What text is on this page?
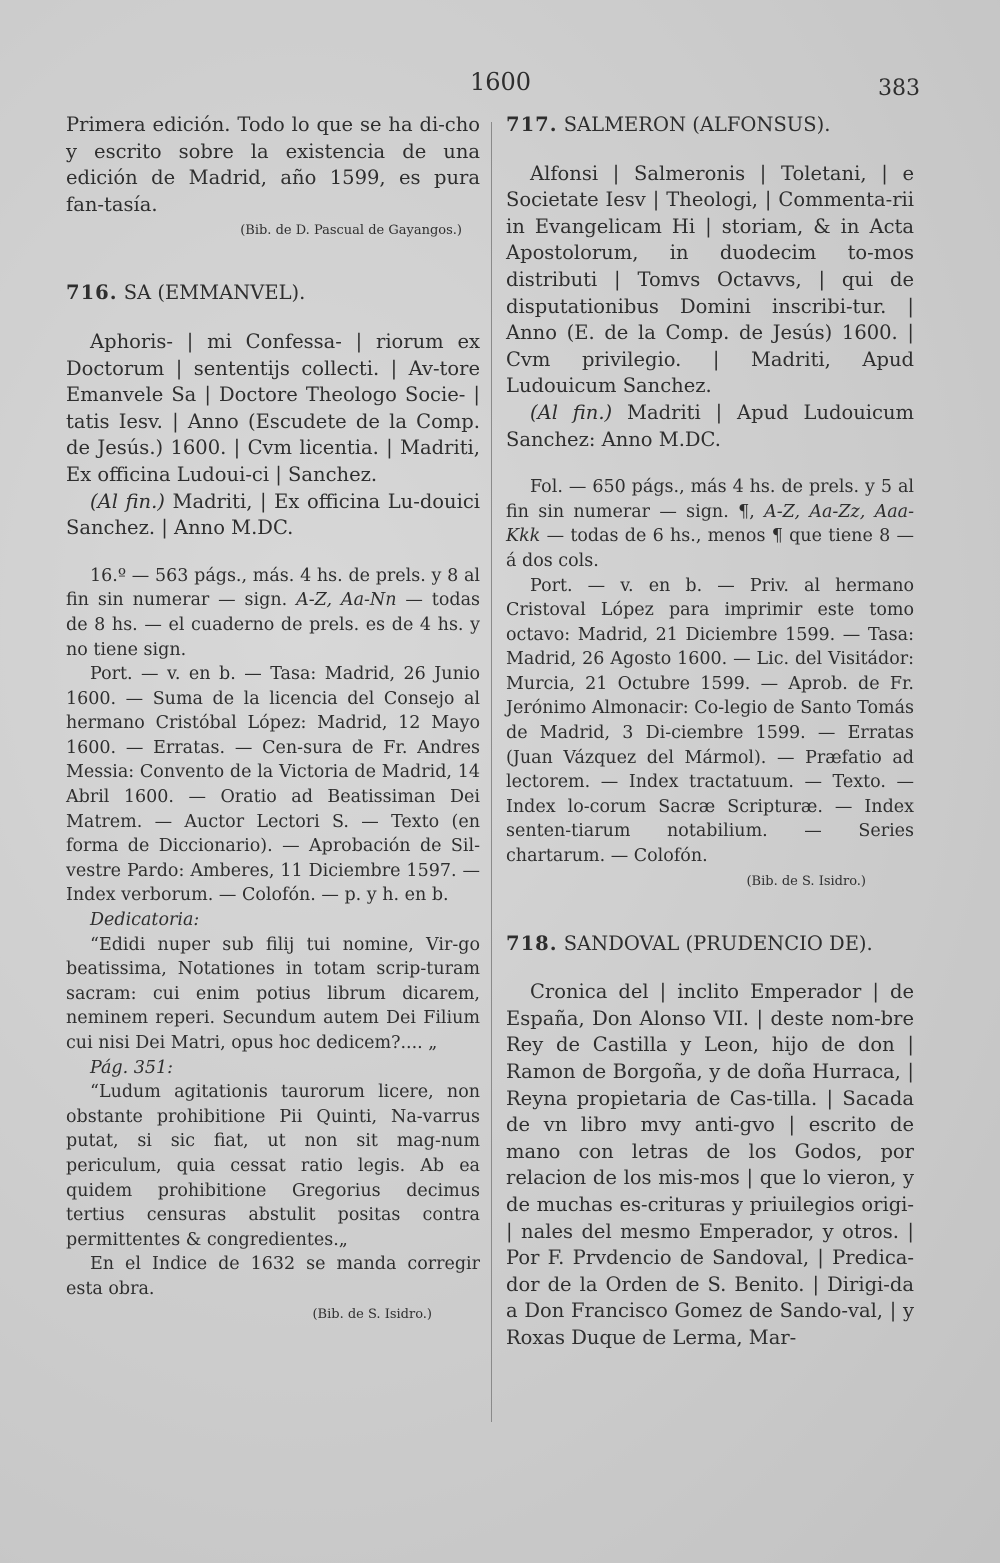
1600	383

Primera edición. Todo lo que se ha di-cho y escrito sobre la existencia de una edición de Madrid, año 1599, es pura fan-tasía.

(Bib. de D. Pascual de Gayangos.)

716. SA (EMMANVEL).

Aphoris- | mi Confessa- | riorum ex Doctorum | sententijs collecti. | Av-tore Emanvele Sa | Doctore Theologo Socie- | tatis Iesv. | Anno (Escudete de la Comp. de Jesús.) 1600. | Cvm licentia. | Madriti, Ex officina Ludoui-ci | Sanchez.

(Al fin.) Madriti, | Ex officina Lu-douici Sanchez. | Anno M.DC.

16.º — 563 págs., más. 4 hs. de prels. y 8 al fin sin numerar — sign. A-Z, Aa-Nn — todas de 8 hs. — el cuaderno de prels. es de 4 hs. y no tiene sign.

Port. — v. en b. — Tasa: Madrid, 26 Junio 1600. — Suma de la licencia del Consejo al hermano Cristóbal López: Madrid, 12 Mayo 1600. — Erratas. — Cen-sura de Fr. Andres Messia: Convento de la Victoria de Madrid, 14 Abril 1600. — Oratio ad Beatissiman Dei Matrem. — Auctor Lectori S. — Texto (en forma de Diccionario). — Aprobación de Sil-vestre Pardo: Amberes, 11 Diciembre 1597. — Index verborum. — Colofón. — p. y h. en b.

Dedicatoria:

“Edidi nuper sub filij tui nomine, Vir-go beatissima, Notationes in totam scrip-turam sacram: cui enim potius librum dicarem, neminem reperi. Secundum autem Dei Filium cui nisi Dei Matri, opus hoc dedicem?.... „

Pág. 351:

“Ludum agitationis taurorum licere, non obstante prohibitione Pii Quinti, Na-varrus putat, si sic fiat, ut non sit mag-num periculum, quia cessat ratio legis. Ab ea quidem prohibitione Gregorius decimus tertius censuras abstulit positas contra permittentes & congredientes.„

En el Indice de 1632 se manda corregir esta obra.

(Bib. de S. Isidro.)

717. SALMERON (ALFONSUS).

Alfonsi | Salmeronis | Toletani, | e Societate Iesv | Theologi, | Commenta-rii in Evangelicam Hi | storiam, & in Acta Apostolorum, in duodecim to-mos distributi | Tomvs Octavvs, | qui de disputationibus Domini inscribi-tur. | Anno (E. de la Comp. de Jesús) 1600. | Cvm privilegio. | Madriti, Apud Ludouicum Sanchez.

(Al fin.) Madriti | Apud Ludouicum Sanchez: Anno M.DC.

Fol. — 650 págs., más 4 hs. de prels. y 5 al fin sin numerar — sign. ¶, A-Z, Aa-Zz, Aaa-Kkk — todas de 6 hs., menos ¶ que tiene 8 — á dos cols.

Port. — v. en b. — Priv. al hermano Cristoval López para imprimir este tomo octavo: Madrid, 21 Diciembre 1599. — Tasa: Madrid, 26 Agosto 1600. — Lic. del Visitádor: Murcia, 21 Octubre 1599. — Aprob. de Fr. Jerónimo Almonacir: Co-legio de Santo Tomás de Madrid, 3 Di-ciembre 1599. — Erratas (Juan Vázquez del Mármol). — Præfatio ad lectorem. — Index tractatuum. — Texto. — Index lo-corum Sacræ Scripturæ. — Index senten-tiarum notabilium. — Series chartarum. — Colofón.

(Bib. de S. Isidro.)

718. SANDOVAL (PRUDENCIO DE).

Cronica del | inclito Emperador | de España, Don Alonso VII. | deste nom-bre Rey de Castilla y Leon, hijo de don | Ramon de Borgoña, y de doña Hurraca, | Reyna propietaria de Cas-tilla. | Sacada de vn libro mvy anti-gvo | escrito de mano con letras de los Godos, por relacion de los mis-mos | que lo vieron, y de muchas es-crituras y priuilegios origi- | nales del mesmo Emperador, y otros. | Por F. Prvdencio de Sandoval, | Predica-dor de la Orden de S. Benito. | Dirigi-da a Don Francisco Gomez de Sando-val, | y Roxas Duque de Lerma, Mar-
